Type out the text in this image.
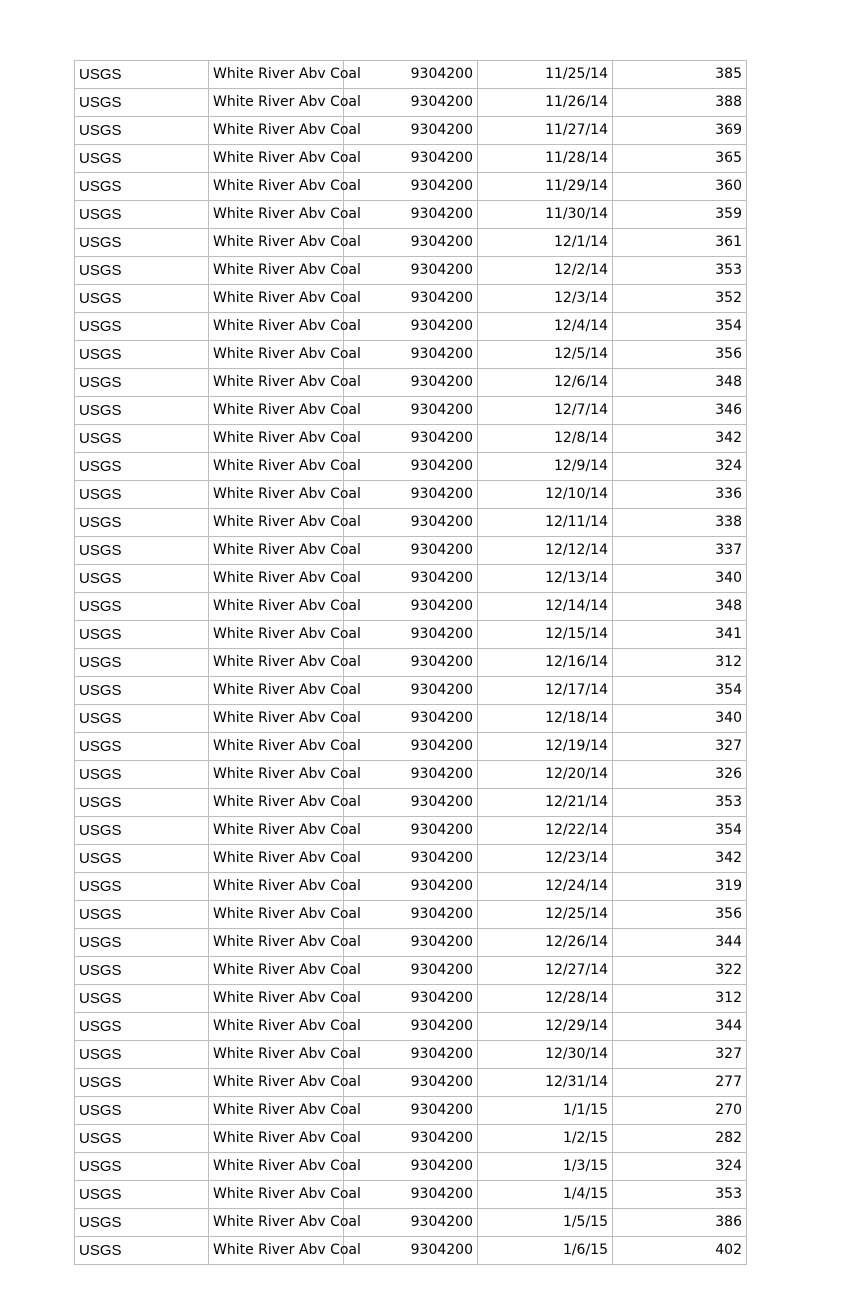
USGS	White River Abv Coal	9304200	11/25/14	385
USGS	White River Abv Coal	9304200	11/26/14	388
USGS	White River Abv Coal	9304200	11/27/14	369
USGS	White River Abv Coal	9304200	11/28/14	365
USGS	White River Abv Coal	9304200	11/29/14	360
USGS	White River Abv Coal	9304200	11/30/14	359
USGS	White River Abv Coal	9304200	12/1/14	361
USGS	White River Abv Coal	9304200	12/2/14	353
USGS	White River Abv Coal	9304200	12/3/14	352
USGS	White River Abv Coal	9304200	12/4/14	354
USGS	White River Abv Coal	9304200	12/5/14	356
USGS	White River Abv Coal	9304200	12/6/14	348
USGS	White River Abv Coal	9304200	12/7/14	346
USGS	White River Abv Coal	9304200	12/8/14	342
USGS	White River Abv Coal	9304200	12/9/14	324
USGS	White River Abv Coal	9304200	12/10/14	336
USGS	White River Abv Coal	9304200	12/11/14	338
USGS	White River Abv Coal	9304200	12/12/14	337
USGS	White River Abv Coal	9304200	12/13/14	340
USGS	White River Abv Coal	9304200	12/14/14	348
USGS	White River Abv Coal	9304200	12/15/14	341
USGS	White River Abv Coal	9304200	12/16/14	312
USGS	White River Abv Coal	9304200	12/17/14	354
USGS	White River Abv Coal	9304200	12/18/14	340
USGS	White River Abv Coal	9304200	12/19/14	327
USGS	White River Abv Coal	9304200	12/20/14	326
USGS	White River Abv Coal	9304200	12/21/14	353
USGS	White River Abv Coal	9304200	12/22/14	354
USGS	White River Abv Coal	9304200	12/23/14	342
USGS	White River Abv Coal	9304200	12/24/14	319
USGS	White River Abv Coal	9304200	12/25/14	356
USGS	White River Abv Coal	9304200	12/26/14	344
USGS	White River Abv Coal	9304200	12/27/14	322
USGS	White River Abv Coal	9304200	12/28/14	312
USGS	White River Abv Coal	9304200	12/29/14	344
USGS	White River Abv Coal	9304200	12/30/14	327
USGS	White River Abv Coal	9304200	12/31/14	277
USGS	White River Abv Coal	9304200	1/1/15	270
USGS	White River Abv Coal	9304200	1/2/15	282
USGS	White River Abv Coal	9304200	1/3/15	324
USGS	White River Abv Coal	9304200	1/4/15	353
USGS	White River Abv Coal	9304200	1/5/15	386
USGS	White River Abv Coal	9304200	1/6/15	402
